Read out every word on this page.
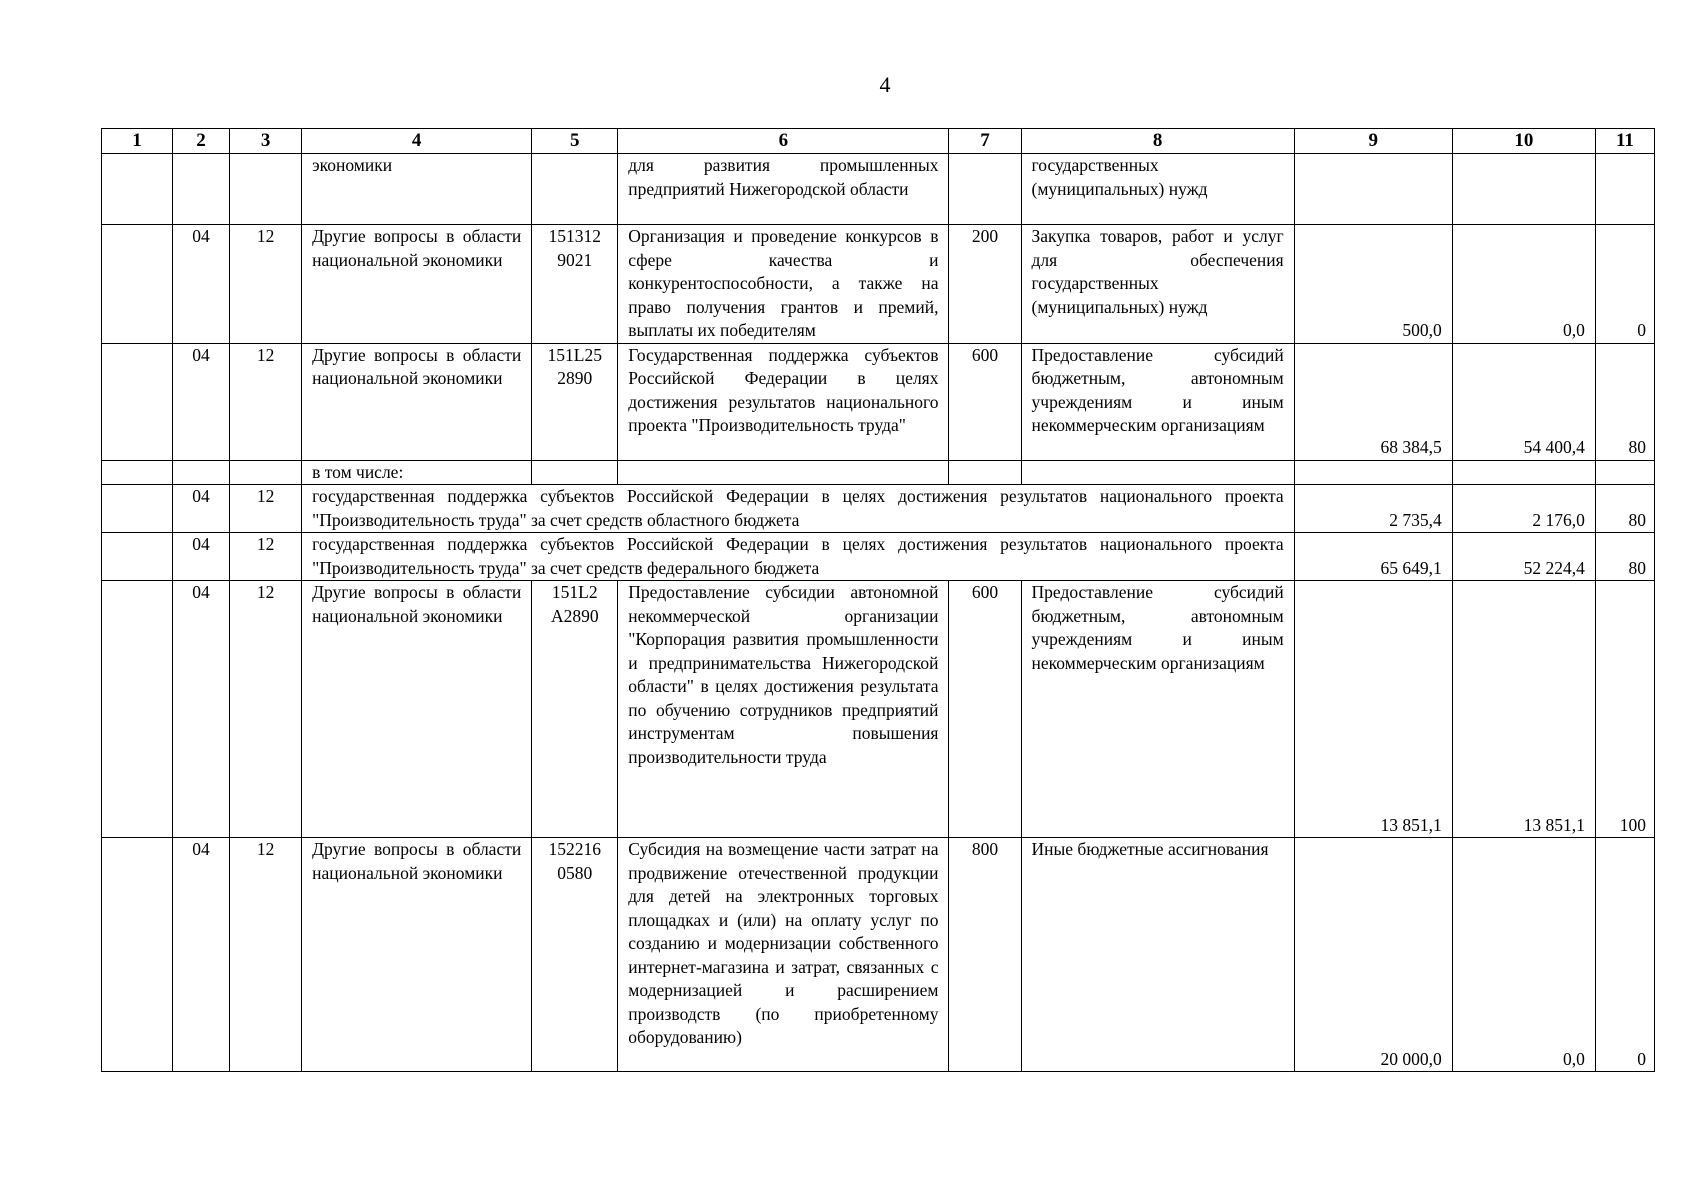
4
1	2	3	4	5	6	7	8	9	10	11
			экономики		для развития промышленных предприятий Нижегородской области		государственных (муниципальных) нужд			
	04	12	Другие вопросы в области национальной экономики	151312 9021	Организация и проведение конкурсов в сфере качества и конкурентоспособности, а также на право получения грантов и премий, выплаты их победителям	200	Закупка товаров, работ и услуг для обеспечения государственных (муниципальных) нужд	500,0	0,0	0
	04	12	Другие вопросы в области национальной экономики	151L25 2890	Государственная поддержка субъектов Российской Федерации в целях достижения результатов национального проекта "Производительность труда"	600	Предоставление субсидий бюджетным, автономным учреждениям и иным некоммерческим организациям	68 384,5	54 400,4	80
			в том числе:							
	04	12	государственная поддержка субъектов Российской Федерации в целях достижения результатов национального проекта "Производительность труда" за счет средств областного бюджета					2 735,4	2 176,0	80
	04	12	государственная поддержка субъектов Российской Федерации в целях достижения результатов национального проекта "Производительность труда" за счет средств федерального бюджета					65 649,1	52 224,4	80
	04	12	Другие вопросы в области национальной экономики	151L2 A2890	Предоставление субсидии автономной некоммерческой организации "Корпорация развития промышленности и предпринимательства Нижегородской области" в целях достижения результата по обучению сотрудников предприятий инструментам повышения производительности труда	600	Предоставление субсидий бюджетным, автономным учреждениям и иным некоммерческим организациям	13 851,1	13 851,1	100
	04	12	Другие вопросы в области национальной экономики	152216 0580	Субсидия на возмещение части затрат на продвижение отечественной продукции для детей на электронных торговых площадках и (или) на оплату услуг по созданию и модернизации собственного интернет-магазина и затрат, связанных с модернизацией и расширением производств (по приобретенному оборудованию)	800	Иные бюджетные ассигнования	20 000,0	0,0	0
